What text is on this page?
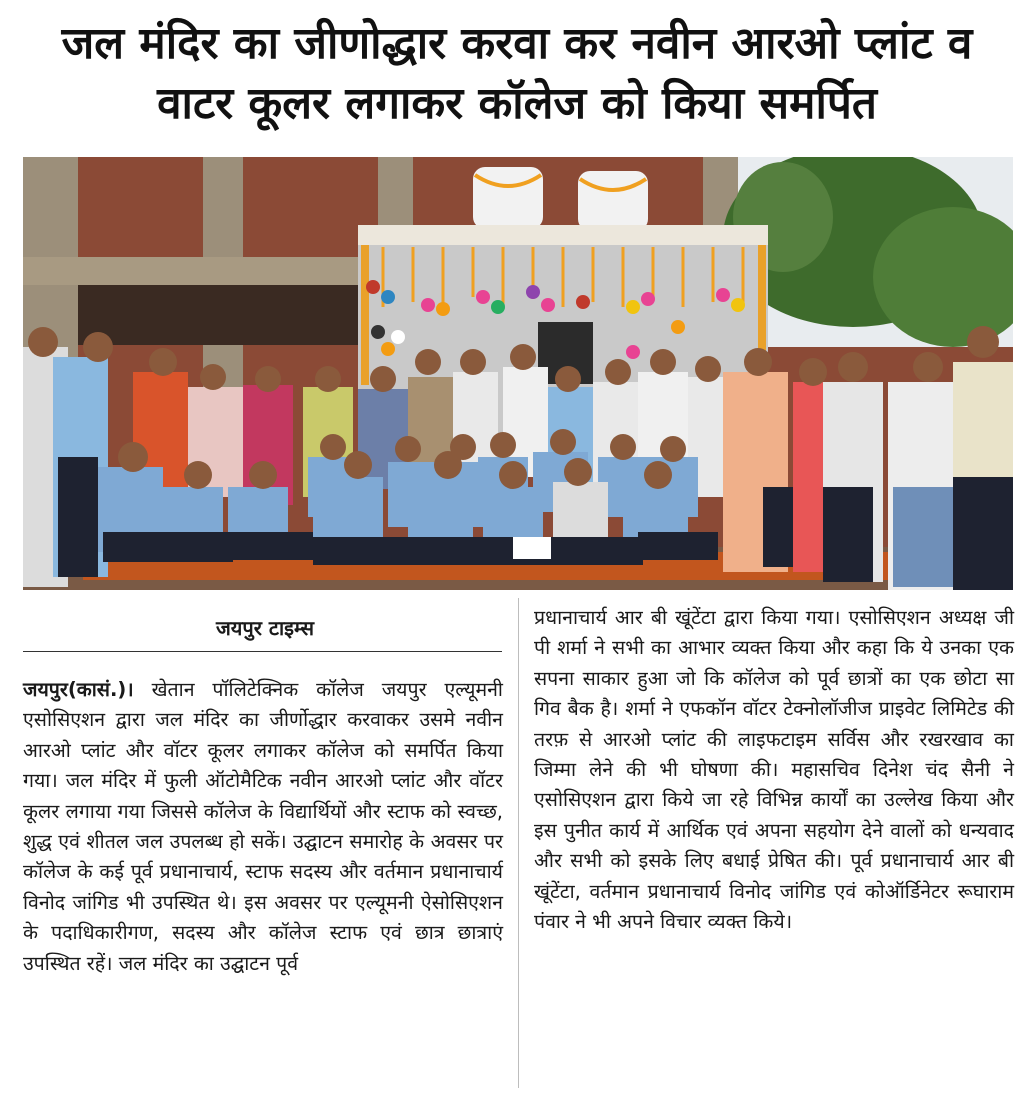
जल मंदिर का जीणोद्धार करवा कर नवीन आरओ प्लांट व
वाटर कूलर लगाकर कॉलेज को किया समर्पित
जयपुर टाइम्स
जयपुर(कासं.)। खेतान पॉलिटेक्निक कॉलेज जयपुर एल्यूमनी एसोसिएशन द्वारा जल मंदिर का जीर्णोद्धार करवाकर उसमे नवीन आरओ प्लांट और वॉटर कूलर लगाकर कॉलेज को समर्पित किया गया। जल मंदिर में फुली ऑटोमैटिक नवीन आरओ प्लांट और वॉटर कूलर लगाया गया जिससे कॉलेज के विद्यार्थियों और स्टाफ को स्वच्छ, शुद्ध एवं शीतल जल उपलब्ध हो सकें। उद्घाटन समारोह के अवसर पर कॉलेज के कई पूर्व प्रधानाचार्य, स्टाफ सदस्य और वर्तमान प्रधानाचार्य विनोद जांगिड भी उपस्थित थे। इस अवसर पर एल्यूमनी ऐसोसिएशन के पदाधिकारीगण, सदस्य और कॉलेज स्टाफ एवं छात्र छात्राएं उपस्थित रहें। जल मंदिर का उद्घाटन पूर्व
प्रधानाचार्य आर बी खूंटेंटा द्वारा किया गया। एसोसिएशन अध्यक्ष जी पी शर्मा ने सभी का आभार व्यक्त किया और कहा कि ये उनका एक सपना साकार हुआ जो कि कॉलेज को पूर्व छात्रों का एक छोटा सा गिव बैक है। शर्मा ने एफकॉन वॉटर टेक्नोलॉजीज प्राइवेट लिमिटेड की तरफ़ से आरओ प्लांट की लाइफटाइम सर्विस और रखरखाव का जिम्मा लेने की भी घोषणा की। महासचिव दिनेश चंद सैनी ने एसोसिएशन द्वारा किये जा रहे विभिन्न कार्यों का उल्लेख किया और इस पुनीत कार्य में आर्थिक एवं अपना सहयोग देने वालों को धन्यवाद और सभी को इसके लिए बधाई प्रेषित की। पूर्व प्रधानाचार्य आर बी खूंटेंटा, वर्तमान प्रधानाचार्य विनोद जांगिड एवं कोऑर्डिनेटर रूघाराम पंवार ने भी अपने विचार व्यक्त किये।
